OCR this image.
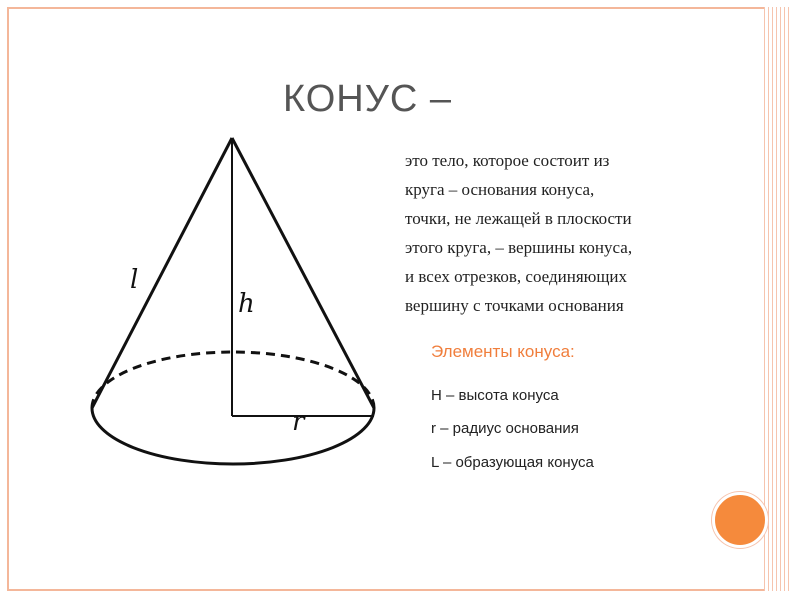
КОНУС –
l
h
r
это тело, которое состоит из
круга – основания конуса,
точки, не лежащей в плоскости
этого круга, – вершины конуса,
и всех отрезков, соединяющих
вершину с точками основания
Элементы конуса:
Н – высота конуса
r – радиус основания
L – образующая конуса
